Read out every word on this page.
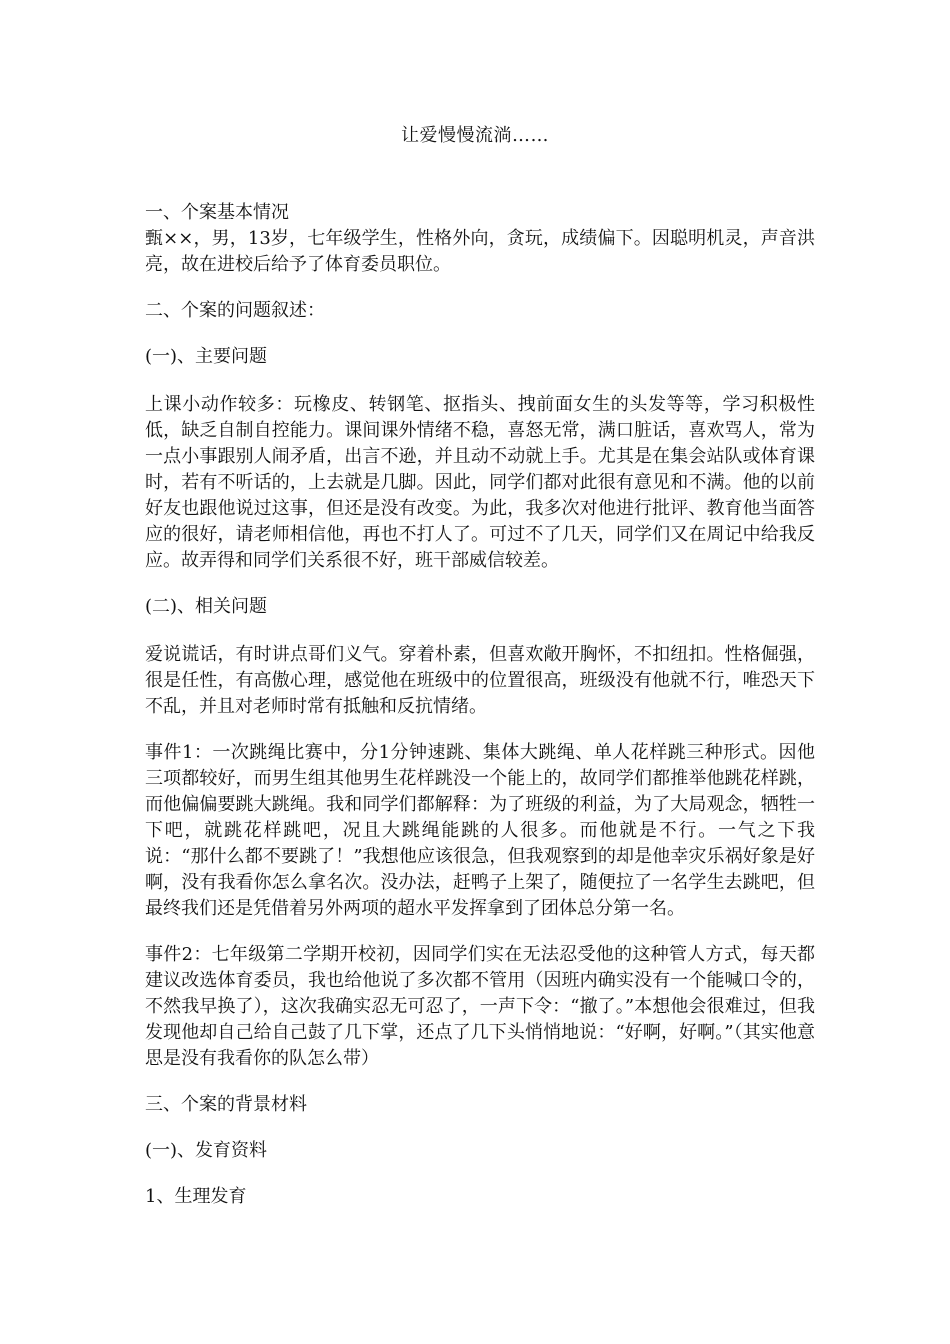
让爱慢慢流淌……

一、个案基本情况

甄××，男，13岁，七年级学生，性格外向，贪玩，成绩偏下。因聪明机灵，声音洪亮，故在进校后给予了体育委员职位。

二、个案的问题叙述：

(一)、主要问题

上课小动作较多：玩橡皮、转钢笔、抠指头、拽前面女生的头发等等，学习积极性低，缺乏自制自控能力。课间课外情绪不稳，喜怒无常，满口脏话，喜欢骂人，常为一点小事跟别人闹矛盾，出言不逊，并且动不动就上手。尤其是在集会站队或体育课时，若有不听话的，上去就是几脚。因此，同学们都对此很有意见和不满。他的以前好友也跟他说过这事，但还是没有改变。为此，我多次对他进行批评、教育他当面答应的很好，请老师相信他，再也不打人了。可过不了几天，同学们又在周记中给我反应。故弄得和同学们关系很不好，班干部威信较差。

(二)、相关问题

爱说谎话，有时讲点哥们义气。穿着朴素，但喜欢敞开胸怀，不扣纽扣。性格倔强，很是任性，有高傲心理，感觉他在班级中的位置很高，班级没有他就不行，唯恐天下不乱，并且对老师时常有抵触和反抗情绪。

事件1：一次跳绳比赛中，分1分钟速跳、集体大跳绳、单人花样跳三种形式。因他三项都较好，而男生组其他男生花样跳没一个能上的，故同学们都推举他跳花样跳，而他偏偏要跳大跳绳。我和同学们都解释：为了班级的利益，为了大局观念，牺牲一下吧，就跳花样跳吧，况且大跳绳能跳的人很多。而他就是不行。一气之下我说：“那什么都不要跳了！”我想他应该很急，但我观察到的却是他幸灾乐祸好象是好啊，没有我看你怎么拿名次。没办法，赶鸭子上架了，随便拉了一名学生去跳吧，但最终我们还是凭借着另外两项的超水平发挥拿到了团体总分第一名。

事件2：七年级第二学期开校初，因同学们实在无法忍受他的这种管人方式，每天都建议改选体育委员，我也给他说了多次都不管用（因班内确实没有一个能喊口令的，不然我早换了），这次我确实忍无可忍了，一声下令：“撤了。”本想他会很难过，但我发现他却自己给自己鼓了几下掌，还点了几下头悄悄地说：“好啊，好啊。”（其实他意思是没有我看你的队怎么带）

三、个案的背景材料

(一)、发育资料

1、生理发育
